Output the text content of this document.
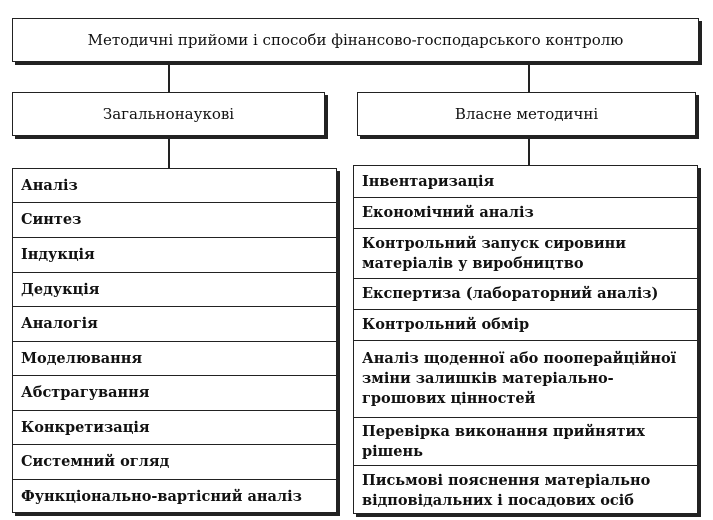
Методичні прийоми і способи фінансово-господарського контролю
Загальнонаукові	Власне методичні
Аналіз
Синтез
Індукція
Дедукція
Аналогія
Моделювання
Абстрагування
Конкретизація
Системний огляд
Функціонально-вартісний аналіз
Інвентаризація
Економічний аналіз
Контрольний запуск сировини матеріалів у виробництво
Експертиза (лабораторний аналіз)
Контрольний обмір
Аналіз щоденної або пооперайційної зміни залишків матеріально-грошових цінностей
Перевірка виконання прийнятих рішень
Письмові пояснення матеріально відповідальних і посадових осіб
